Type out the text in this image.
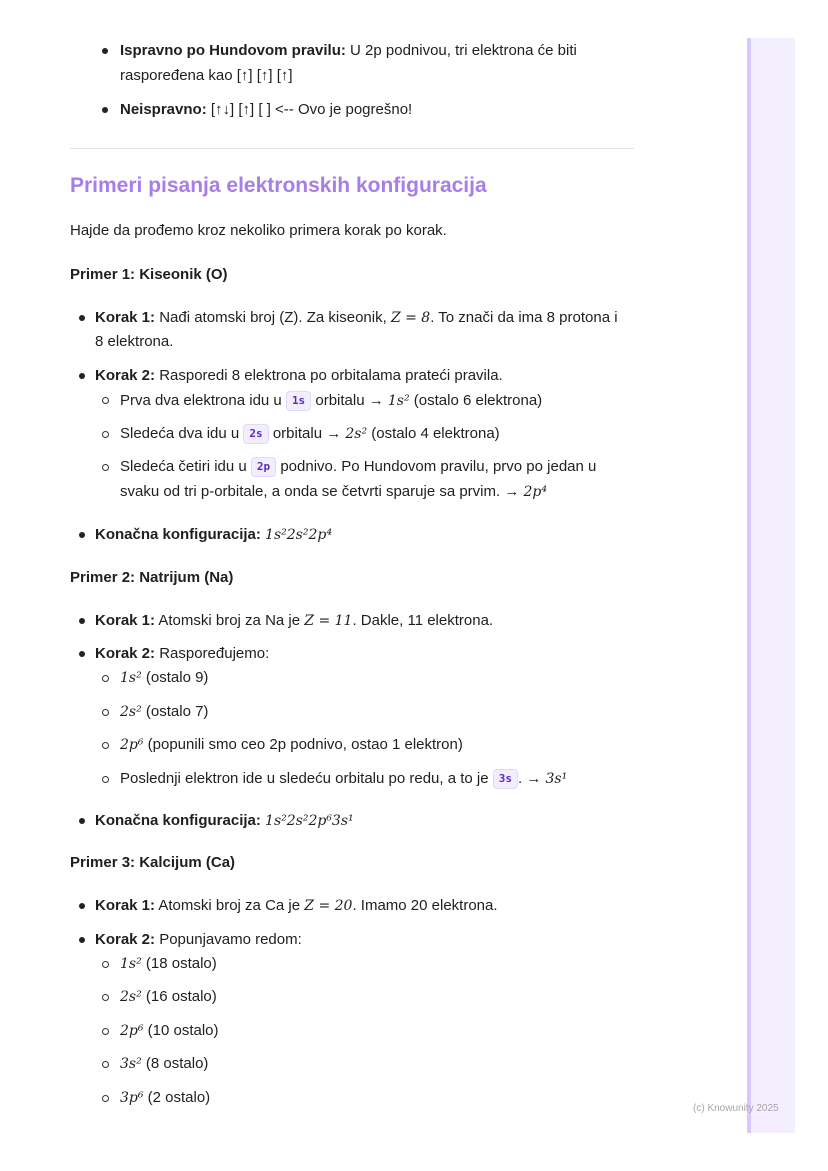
Ispravno po Hundovom pravilu: U 2p podnivou, tri elektrona će biti
raspoređena kao [↑] [↑] [↑]
Neispravno: [↑↓] [↑] [ ] <-- Ovo je pogrešno!
Primeri pisanja elektronskih konfiguracija
Hajde da prođemo kroz nekoliko primera korak po korak.
Primer 1: Kiseonik (O)
Korak 1: Nađi atomski broj (Z). Za kiseonik, Z = 8. To znači da ima 8 protona i
8 elektrona.
Korak 2: Rasporedi 8 elektrona po orbitalama prateći pravila.
Prva dva elektrona idu u 1s orbitalu → 1s² (ostalo 6 elektrona)
Sledeća dva idu u 2s orbitalu → 2s² (ostalo 4 elektrona)
Sledeća četiri idu u 2p podnivo. Po Hundovom pravilu, prvo po jedan u
svaku od tri p-orbitale, a onda se četvrti sparuje sa prvim. → 2p⁴
Konačna konfiguracija: 1s²2s²2p⁴
Primer 2: Natrijum (Na)
Korak 1: Atomski broj za Na je Z = 11. Dakle, 11 elektrona.
Korak 2: Raspoređujemo:
1s² (ostalo 9)
2s² (ostalo 7)
2p⁶ (popunili smo ceo 2p podnivo, ostao 1 elektron)
Poslednji elektron ide u sledeću orbitalu po redu, a to je 3s . → 3s¹
Konačna konfiguracija: 1s²2s²2p⁶3s¹
Primer 3: Kalcijum (Ca)
Korak 1: Atomski broj za Ca je Z = 20. Imamo 20 elektrona.
Korak 2: Popunjavamo redom:
1s² (18 ostalo)
2s² (16 ostalo)
2p⁶ (10 ostalo)
3s² (8 ostalo)
3p⁶ (2 ostalo)
(c) Knowunity 2025
